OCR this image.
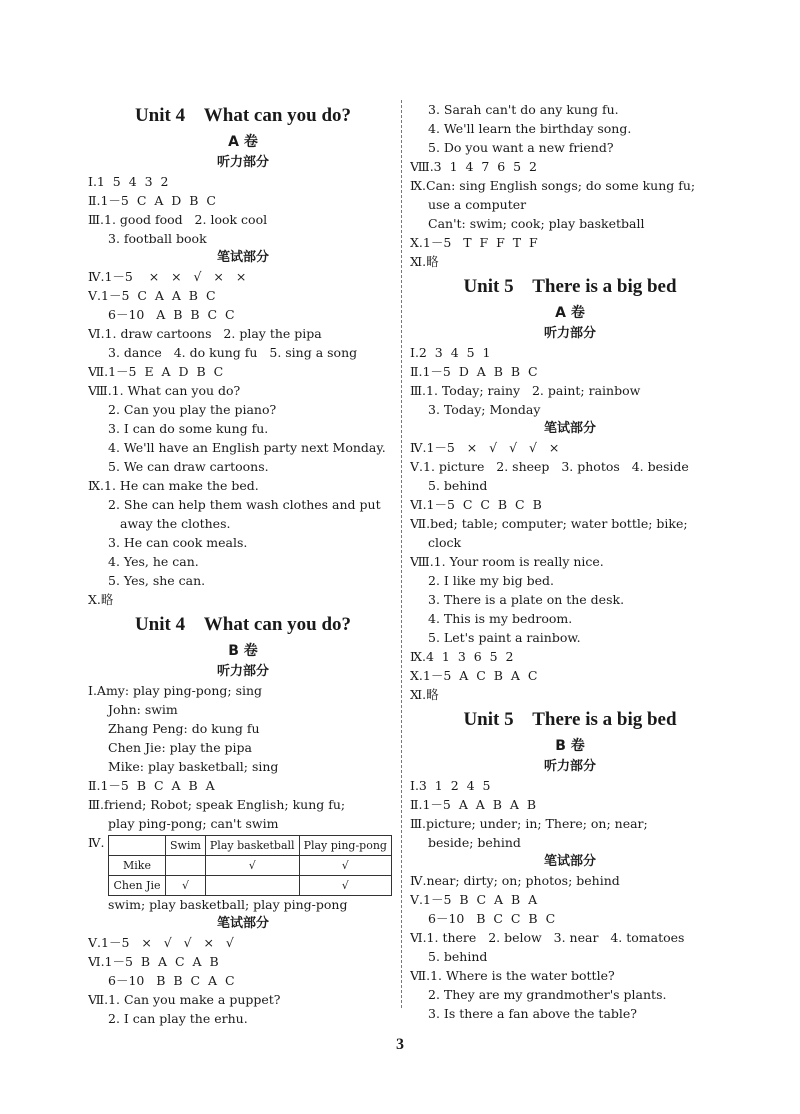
Unit 4    What can you do?
A 卷
听力部分
Ⅰ.1  5  4  3  2
Ⅱ.1－5  C  A  D  B  C
Ⅲ.1. good food   2. look cool
3. football book
笔试部分
Ⅳ.1－5    ×   ×   √   ×   ×
Ⅴ.1－5  C  A  A  B  C
6－10   A  B  B  C  C
Ⅵ.1. draw cartoons   2. play the pipa
3. dance   4. do kung fu   5. sing a song
Ⅶ.1－5  E  A  D  B  C
Ⅷ.1. What can you do?
2. Can you play the piano?
3. I can do some kung fu.
4. We'll have an English party next Monday.
5. We can draw cartoons.
Ⅸ.1. He can make the bed.
2. She can help them wash clothes and put
away the clothes.
3. He can cook meals.
4. Yes, he can.
5. Yes, she can.
Ⅹ.略
Unit 4    What can you do?
B 卷
听力部分
Ⅰ.Amy: play ping-pong; sing
John: swim
Zhang Peng: do kung fu
Chen Jie: play the pipa
Mike: play basketball; sing
Ⅱ.1－5  B  C  A  B  A
Ⅲ.friend; Robot; speak English; kung fu;
play ping-pong; can't swim
Ⅳ.
		Swim	Play basketball	Play ping-pong
Mike		√	√
Chen Jie	√		√
swim; play basketball; play ping-pong
笔试部分
Ⅴ.1－5   ×   √   √   ×   √
Ⅵ.1－5  B  A  C  A  B
6－10   B  B  C  A  C
Ⅶ.1. Can you make a puppet?
2. I can play the erhu.
3. Sarah can't do any kung fu.
4. We'll learn the birthday song.
5. Do you want a new friend?
Ⅷ.3  1  4  7  6  5  2
Ⅸ.Can: sing English songs; do some kung fu;
use a computer
Can't: swim; cook; play basketball
Ⅹ.1－5   T  F  F  T  F
Ⅺ.略
Unit 5    There is a big bed
A 卷
听力部分
Ⅰ.2  3  4  5  1
Ⅱ.1－5  D  A  B  B  C
Ⅲ.1. Today; rainy   2. paint; rainbow
3. Today; Monday
笔试部分
Ⅳ.1－5   ×   √   √   √   ×
Ⅴ.1. picture   2. sheep   3. photos   4. beside
5. behind
Ⅵ.1－5  C  C  B  C  B
Ⅶ.bed; table; computer; water bottle; bike;
clock
Ⅷ.1. Your room is really nice.
2. I like my big bed.
3. There is a plate on the desk.
4. This is my bedroom.
5. Let's paint a rainbow.
Ⅸ.4  1  3  6  5  2
Ⅹ.1－5  A  C  B  A  C
Ⅺ.略
Unit 5    There is a big bed
B 卷
听力部分
Ⅰ.3  1  2  4  5
Ⅱ.1－5  A  A  B  A  B
Ⅲ.picture; under; in; There; on; near;
beside; behind
笔试部分
Ⅳ.near; dirty; on; photos; behind
Ⅴ.1－5  B  C  A  B  A
6－10   B  C  C  B  C
Ⅵ.1. there   2. below   3. near   4. tomatoes
5. behind
Ⅶ.1. Where is the water bottle?
2. They are my grandmother's plants.
3. Is there a fan above the table?
3
